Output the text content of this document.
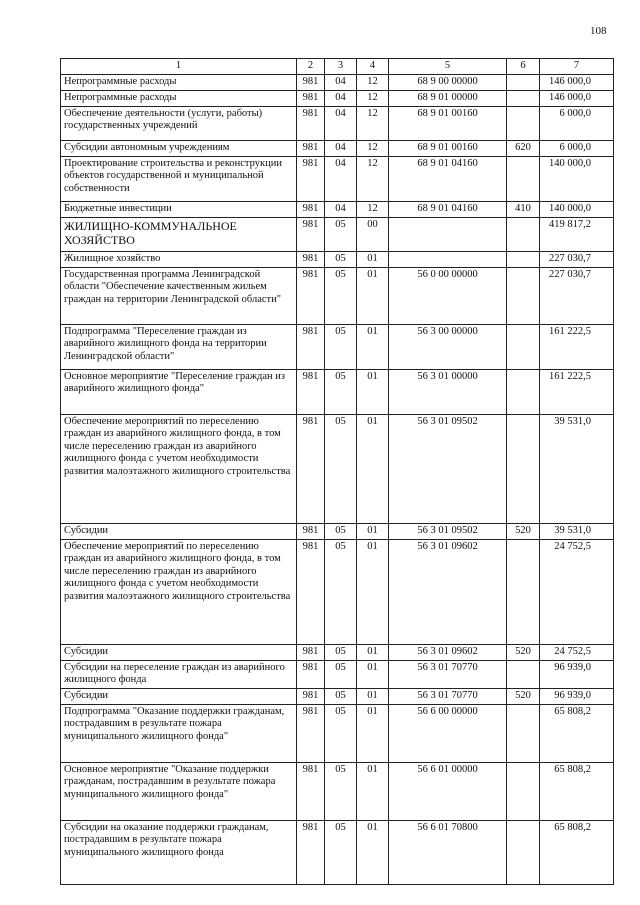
108
1	2	3	4	5	6	7
Непрограммные расходы	981	04	12	68 9 00 00000		146 000,0
Непрограммные расходы	981	04	12	68 9 01 00000		146 000,0
Обеспечение деятельности (услуги, работы) государственных учреждений	981	04	12	68 9 01 00160		6 000,0
Субсидии автономным учреждениям	981	04	12	68 9 01 00160	620	6 000,0
Проектирование строительства и реконструкции объектов государственной и муниципальной собственности	981	04	12	68 9 01 04160		140 000,0
Бюджетные инвестиции	981	04	12	68 9 01 04160	410	140 000,0
ЖИЛИЩНО-КОММУНАЛЬНОЕ ХОЗЯЙСТВО	981	05	00			419 817,2
Жилищное хозяйство	981	05	01			227 030,7
Государственная программа Ленинградской области "Обеспечение качественным жильем граждан на территории Ленинградской области"	981	05	01	56 0 00 00000		227 030,7
Подпрограмма "Переселение граждан из аварийного жилищного фонда на территории Ленинградской области"	981	05	01	56 3 00 00000		161 222,5
Основное мероприятие "Переселение граждан из аварийного жилищного фонда"	981	05	01	56 3 01 00000		161 222,5
Обеспечение мероприятий по переселению граждан из аварийного жилищного фонда, в том числе переселению граждан из аварийного жилищного фонда с учетом необходимости развития малоэтажного жилищного строительства	981	05	01	56 3 01 09502		39 531,0
Субсидии	981	05	01	56 3 01 09502	520	39 531,0
Обеспечение мероприятий по переселению граждан из аварийного жилищного фонда, в том числе переселению граждан из аварийного жилищного фонда с учетом необходимости развития малоэтажного жилищного строительства	981	05	01	56 3 01 09602		24 752,5
Субсидии	981	05	01	56 3 01 09602	520	24 752,5
Субсидии на переселение граждан из аварийного жилищного фонда	981	05	01	56 3 01 70770		96 939,0
Субсидии	981	05	01	56 3 01 70770	520	96 939,0
Подпрограмма "Оказание поддержки гражданам, пострадавшим в результате пожара муниципального жилищного фонда"	981	05	01	56 6 00 00000		65 808,2
Основное мероприятие "Оказание поддержки гражданам, пострадавшим в результате пожара муниципального жилищного фонда"	981	05	01	56 6 01 00000		65 808,2
Субсидии на оказание поддержки гражданам, пострадавшим в результате пожара муниципального жилищного фонда	981	05	01	56 6 01 70800		65 808,2
